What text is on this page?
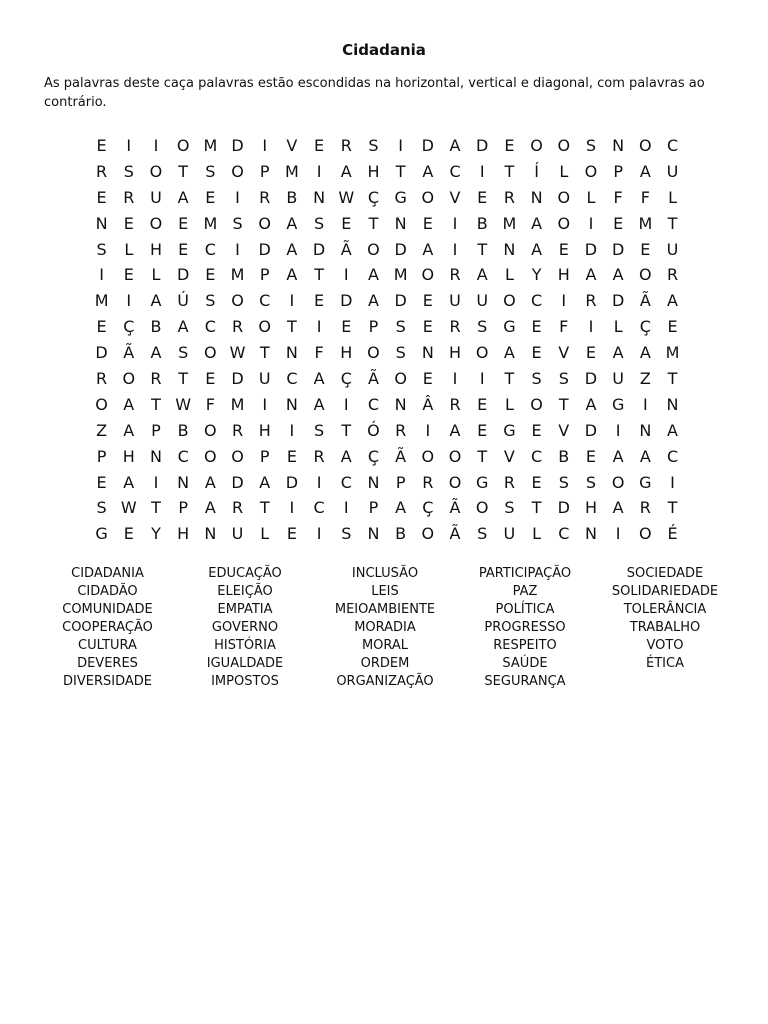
Cidadania
As palavras deste caça palavras estão escondidas na horizontal, vertical e diagonal, com palavras ao contrário.
E	I	I	O M D	I	V	E	R	S	I	D A D E O O S	N O C
R	S O	T	S O	P M	I	A H	T	A	C	I	T	Í	L	O	P	A U
E	R U A	E	I	R	B N W Ç G O V	E	R N O	L	F	F	L
N	E O E M S O A	S	E	T	N	E	I	B M A O	I	E M T
S	L	H	E	C	I	D A D Ã O D A	I	T	N A	E D D E	U
I	E	L	D E M P	A	T	I	A M O R	A	L	Y	H A	A O R
M	I	A Ú	S O C	I	E D A D E	U U O C	I	R D Ã	A
E	Ç	B	A	C	R O	T	I	E	P	S	E	R	S G E	F	I	L	Ç	E
D Ã	A	S O W T	N	F	H O S	N H O A	E	V	E	A	A M
R O R	T	E D U C	A	Ç	Ã O E	I	I	T	S	S D U Z	T
O A	T W F M	I	N A	I	C N Â	R	E	L	O	T	A G	I	N
Z	A	P	B O R H	I	S	T	Ó R	I	A	E G E	V D	I	N A
P	H N C O O	P	E	R	A	Ç	Ã O O	T	V	C	B	E	A	A	C
E	A	I	N A D A D	I	C N	P	R O G R	E	S	S O G	I
S W T	P	A	R	T	I	C	I	P	A	Ç	Ã O S	T	D H A	R	T
G E	Y	H N U	L	E	I	S	N B O Ã	S	U	L	C N	I	O É
CIDADANIA
CIDADÃO
COMUNIDADE
COOPERAÇÃO
CULTURA
DEVERES
DIVERSIDADE
EDUCAÇÃO
ELEIÇÃO
EMPATIA
GOVERNO
HISTÓRIA
IGUALDADE
IMPOSTOS
INCLUSÃO
LEIS
MEIOAMBIENTE
MORADIA
MORAL
ORDEM
ORGANIZAÇÃO
PARTICIPAÇÃO
PAZ
POLÍTICA
PROGRESSO
RESPEITO
SAÚDE
SEGURANÇA
SOCIEDADE
SOLIDARIEDADE
TOLERÂNCIA
TRABALHO
VOTO
ÉTICA
